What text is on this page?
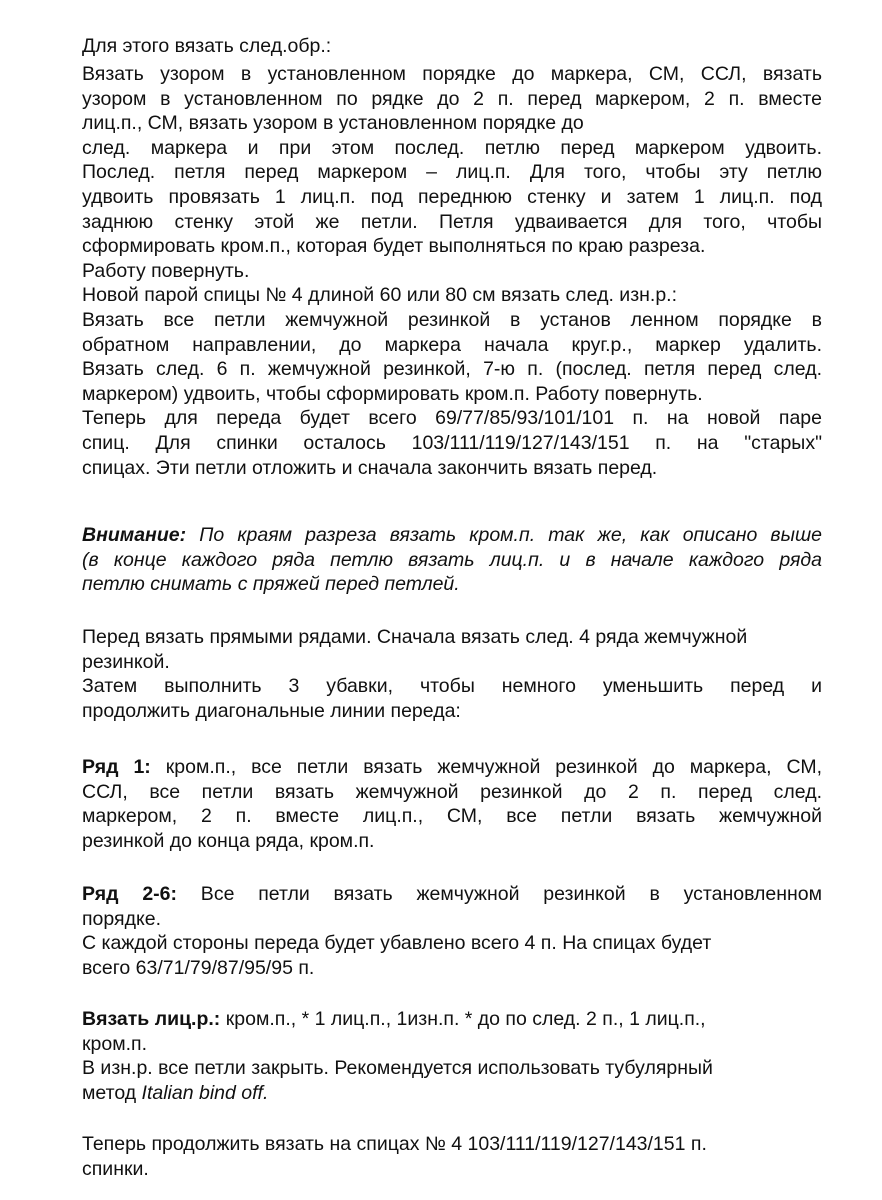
Для этого вязать след.обр.:

Вязать узором в установленном порядке до маркера, СМ, ССЛ, вязать
узором в установленном по рядке до 2 п. перед маркером, 2 п. вместе
лиц.п., СМ, вязать узором в установленном порядке до
след. маркера и при этом послед. петлю перед маркером удвоить.
Послед. петля перед маркером – лиц.п. Для того, чтобы эту петлю
удвоить провязать 1 лиц.п. под переднюю стенку и затем 1 лиц.п. под
заднюю стенку этой же петли. Петля удваивается для того, чтобы
сформировать кром.п., которая будет выполняться по краю разреза.
Работу повернуть.
Новой парой спицы № 4 длиной 60 или 80 см вязать след. изн.р.:
Вязать все петли жемчужной резинкой в установ ленном порядке в
обратном направлении, до маркера начала круг.р., маркер удалить.
Вязать след. 6 п. жемчужной резинкой, 7-ю п. (послед. петля перед след.
маркером) удвоить, чтобы сформировать кром.п. Работу повернуть.
Теперь для переда будет всего 69/77/85/93/101/101 п. на новой паре
спиц. Для спинки осталось 103/111/119/127/143/151 п. на "старых"
спицах. Эти петли отложить и сначала закончить вязать перед.

Внимание: По краям разреза вязать кром.п. так же, как описано выше
(в конце каждого ряда петлю вязать лиц.п. и в начале каждого ряда
петлю снимать с пряжей перед петлей.

Перед вязать прямыми рядами. Сначала вязать след. 4 ряда жемчужной
резинкой.
Затем выполнить 3 убавки, чтобы немного уменьшить перед и
продолжить диагональные линии переда:

Ряд 1: кром.п., все петли вязать жемчужной резинкой до маркера, СМ,
ССЛ, все петли вязать жемчужной резинкой до 2 п. перед след.
маркером, 2 п. вместе лиц.п., СМ, все петли вязать жемчужной
резинкой до конца ряда, кром.п.

Ряд 2-6: Все петли вязать жемчужной резинкой в установленном
порядке.
С каждой стороны переда будет убавлено всего 4 п. На спицах будет
всего 63/71/79/87/95/95 п.

Вязать лиц.р.: кром.п., * 1 лиц.п., 1изн.п. * до по след. 2 п., 1 лиц.п.,
кром.п.
В изн.р. все петли закрыть. Рекомендуется использовать тубулярный
метод Italian bind off.

Теперь продолжить вязать на спицах № 4 103/111/119/127/143/151 п.
спинки.
